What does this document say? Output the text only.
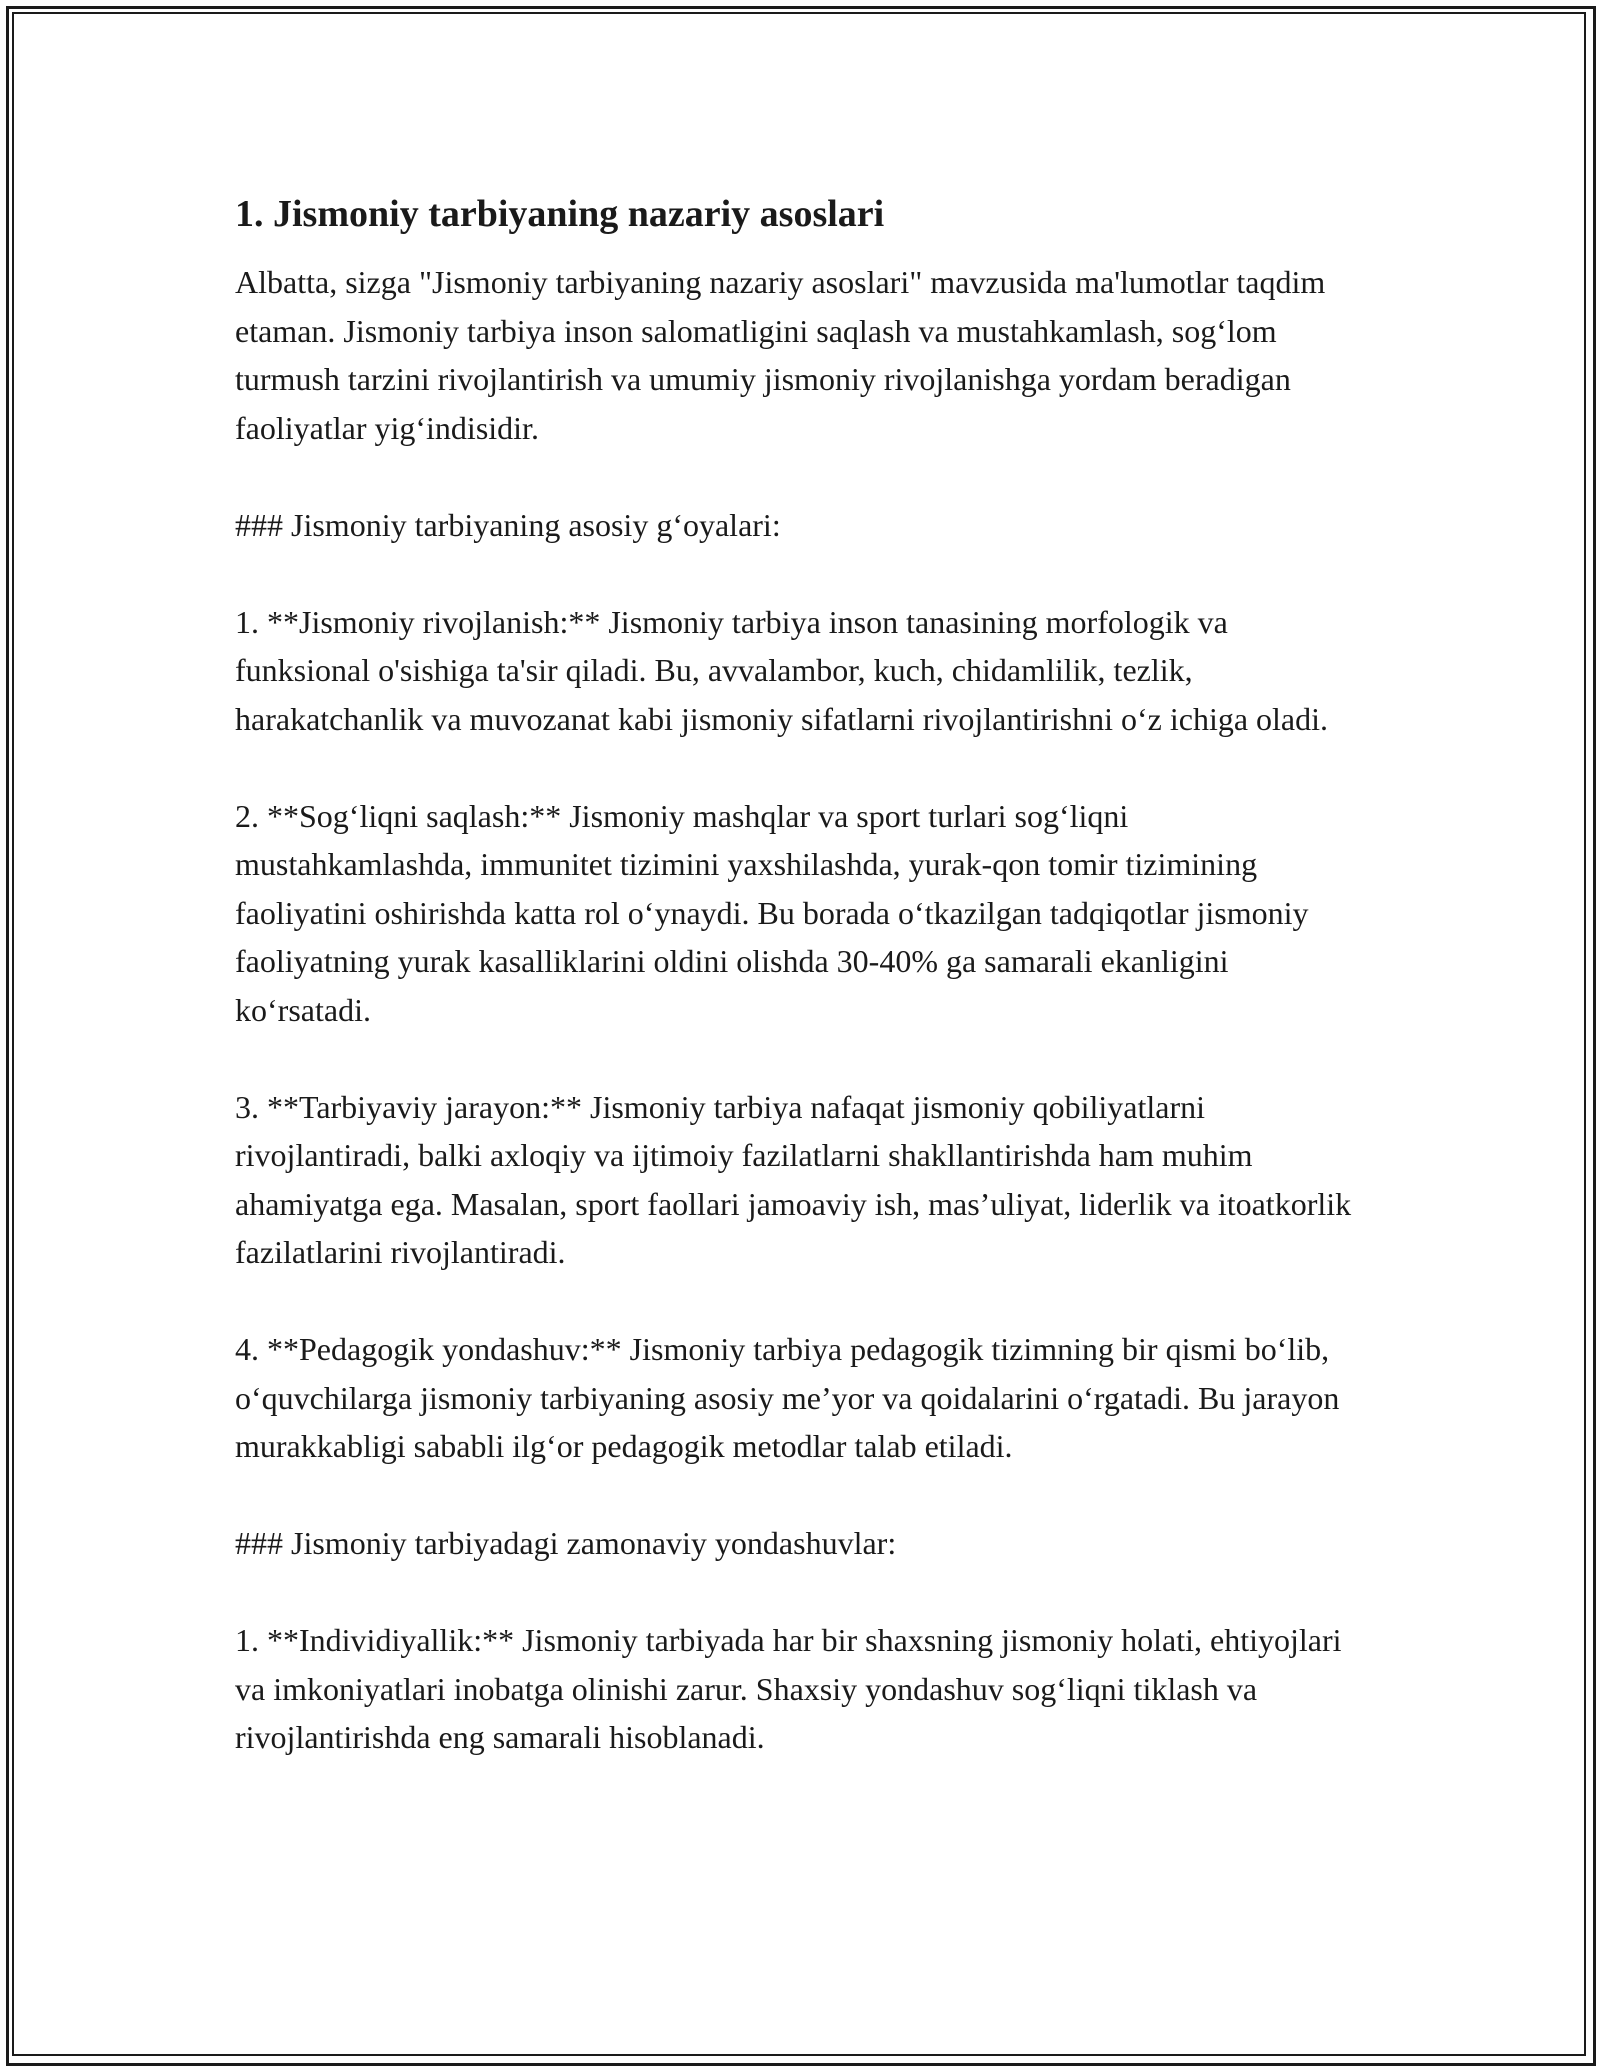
1. Jismoniy tarbiyaning nazariy asoslari

Albatta, sizga "Jismoniy tarbiyaning nazariy asoslari" mavzusida ma'lumotlar taqdim etaman. Jismoniy tarbiya inson salomatligini saqlash va mustahkamlash, sog‘lom turmush tarzini rivojlantirish va umumiy jismoniy rivojlanishga yordam beradigan faoliyatlar yig‘indisidir.

### Jismoniy tarbiyaning asosiy g‘oyalari:

1. **Jismoniy rivojlanish:** Jismoniy tarbiya inson tanasining morfologik va funksional o'sishiga ta'sir qiladi. Bu, avvalambor, kuch, chidamlilik, tezlik, harakatchanlik va muvozanat kabi jismoniy sifatlarni rivojlantirishni o‘z ichiga oladi.

2. **Sog‘liqni saqlash:** Jismoniy mashqlar va sport turlari sog‘liqni mustahkamlashda, immunitet tizimini yaxshilashda, yurak-qon tomir tizimining faoliyatini oshirishda katta rol o‘ynaydi. Bu borada o‘tkazilgan tadqiqotlar jismoniy faoliyatning yurak kasalliklarini oldini olishda 30-40% ga samarali ekanligini ko‘rsatadi.

3. **Tarbiyaviy jarayon:** Jismoniy tarbiya nafaqat jismoniy qobiliyatlarni rivojlantiradi, balki axloqiy va ijtimoiy fazilatlarni shakllantirishda ham muhim ahamiyatga ega. Masalan, sport faollari jamoaviy ish, mas’uliyat, liderlik va itoatkorlik fazilatlarini rivojlantiradi.

4. **Pedagogik yondashuv:** Jismoniy tarbiya pedagogik tizimning bir qismi bo‘lib, o‘quvchilarga jismoniy tarbiyaning asosiy me’yor va qoidalarini o‘rgatadi. Bu jarayon murakkabligi sababli ilg‘or pedagogik metodlar talab etiladi.

### Jismoniy tarbiyadagi zamonaviy yondashuvlar:

1. **Individiyallik:** Jismoniy tarbiyada har bir shaxsning jismoniy holati, ehtiyojlari va imkoniyatlari inobatga olinishi zarur. Shaxsiy yondashuv sog‘liqni tiklash va rivojlantirishda eng samarali hisoblanadi.
